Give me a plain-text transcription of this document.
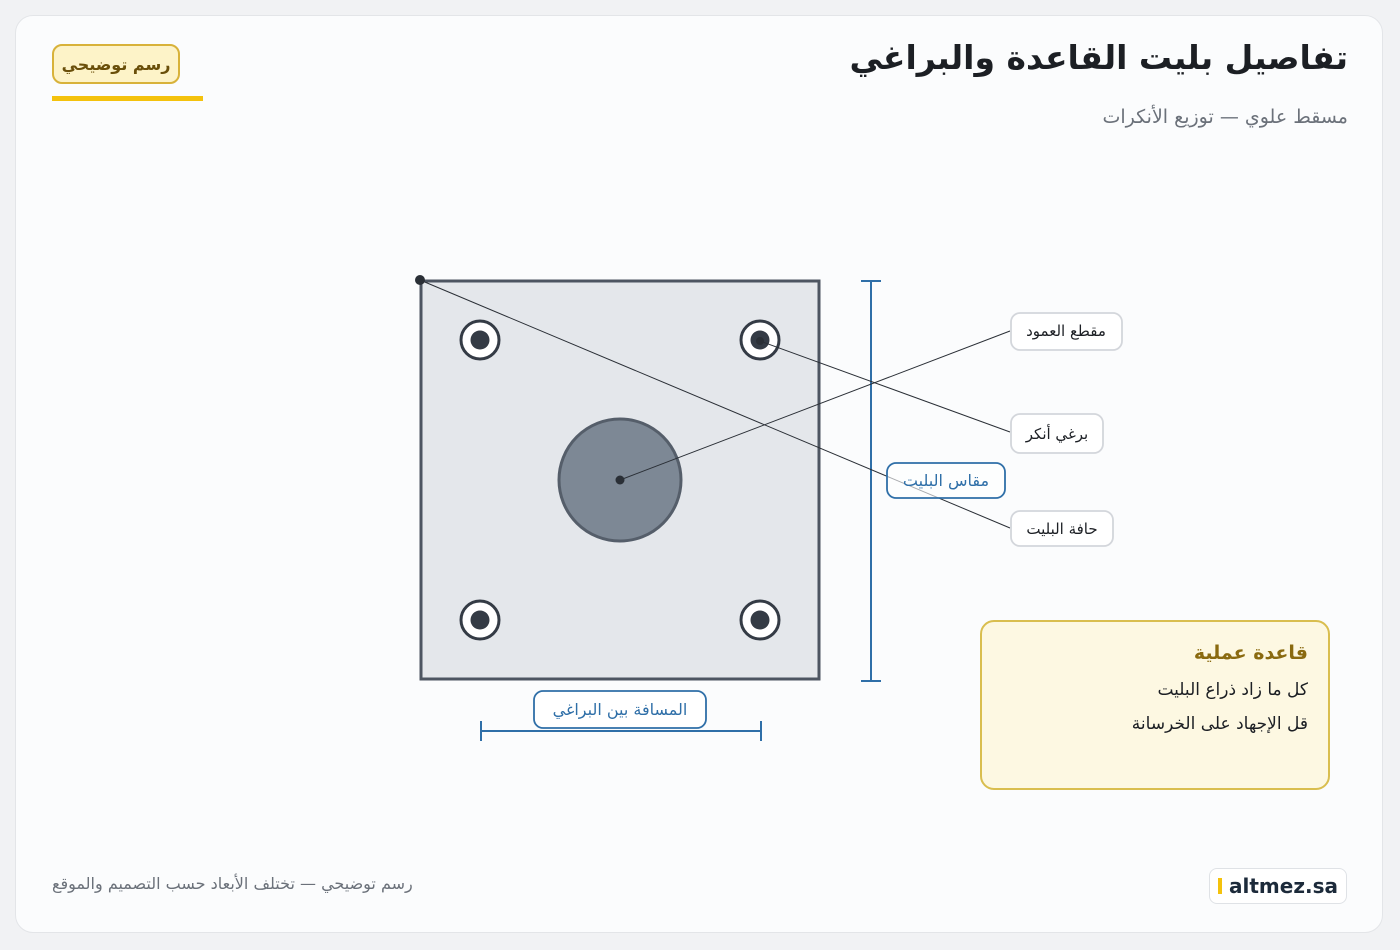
تفاصيل بليت القاعدة والبراغي
مسقط علوي — توزيع الأنكرات
رسم توضيحي
مقاس البليت
المسافة بين البراغي
مقطع العمود
برغي أنكر
حافة البليت
قاعدة عملية
كل ما زاد ذراع البليت
قل الإجهاد على الخرسانة
رسم توضيحي — تختلف الأبعاد حسب التصميم والموقع	altmez.sa
